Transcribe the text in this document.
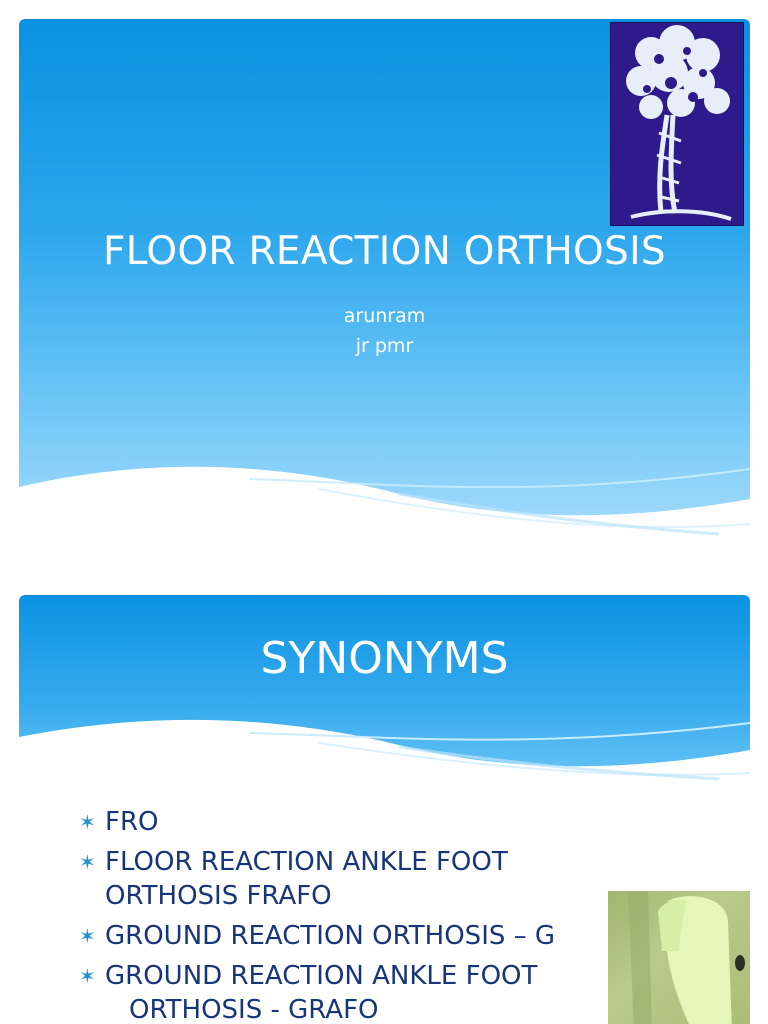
FLOOR REACTION ORTHOSIS
arunram
jr pmr
SYNONYMS
✶ FRO
✶ FLOOR REACTION ANKLE FOOT
ORTHOSIS FRAFO
✶ GROUND REACTION ORTHOSIS – G
✶ GROUND REACTION ANKLE FOOT
ORTHOSIS - GRAFO
